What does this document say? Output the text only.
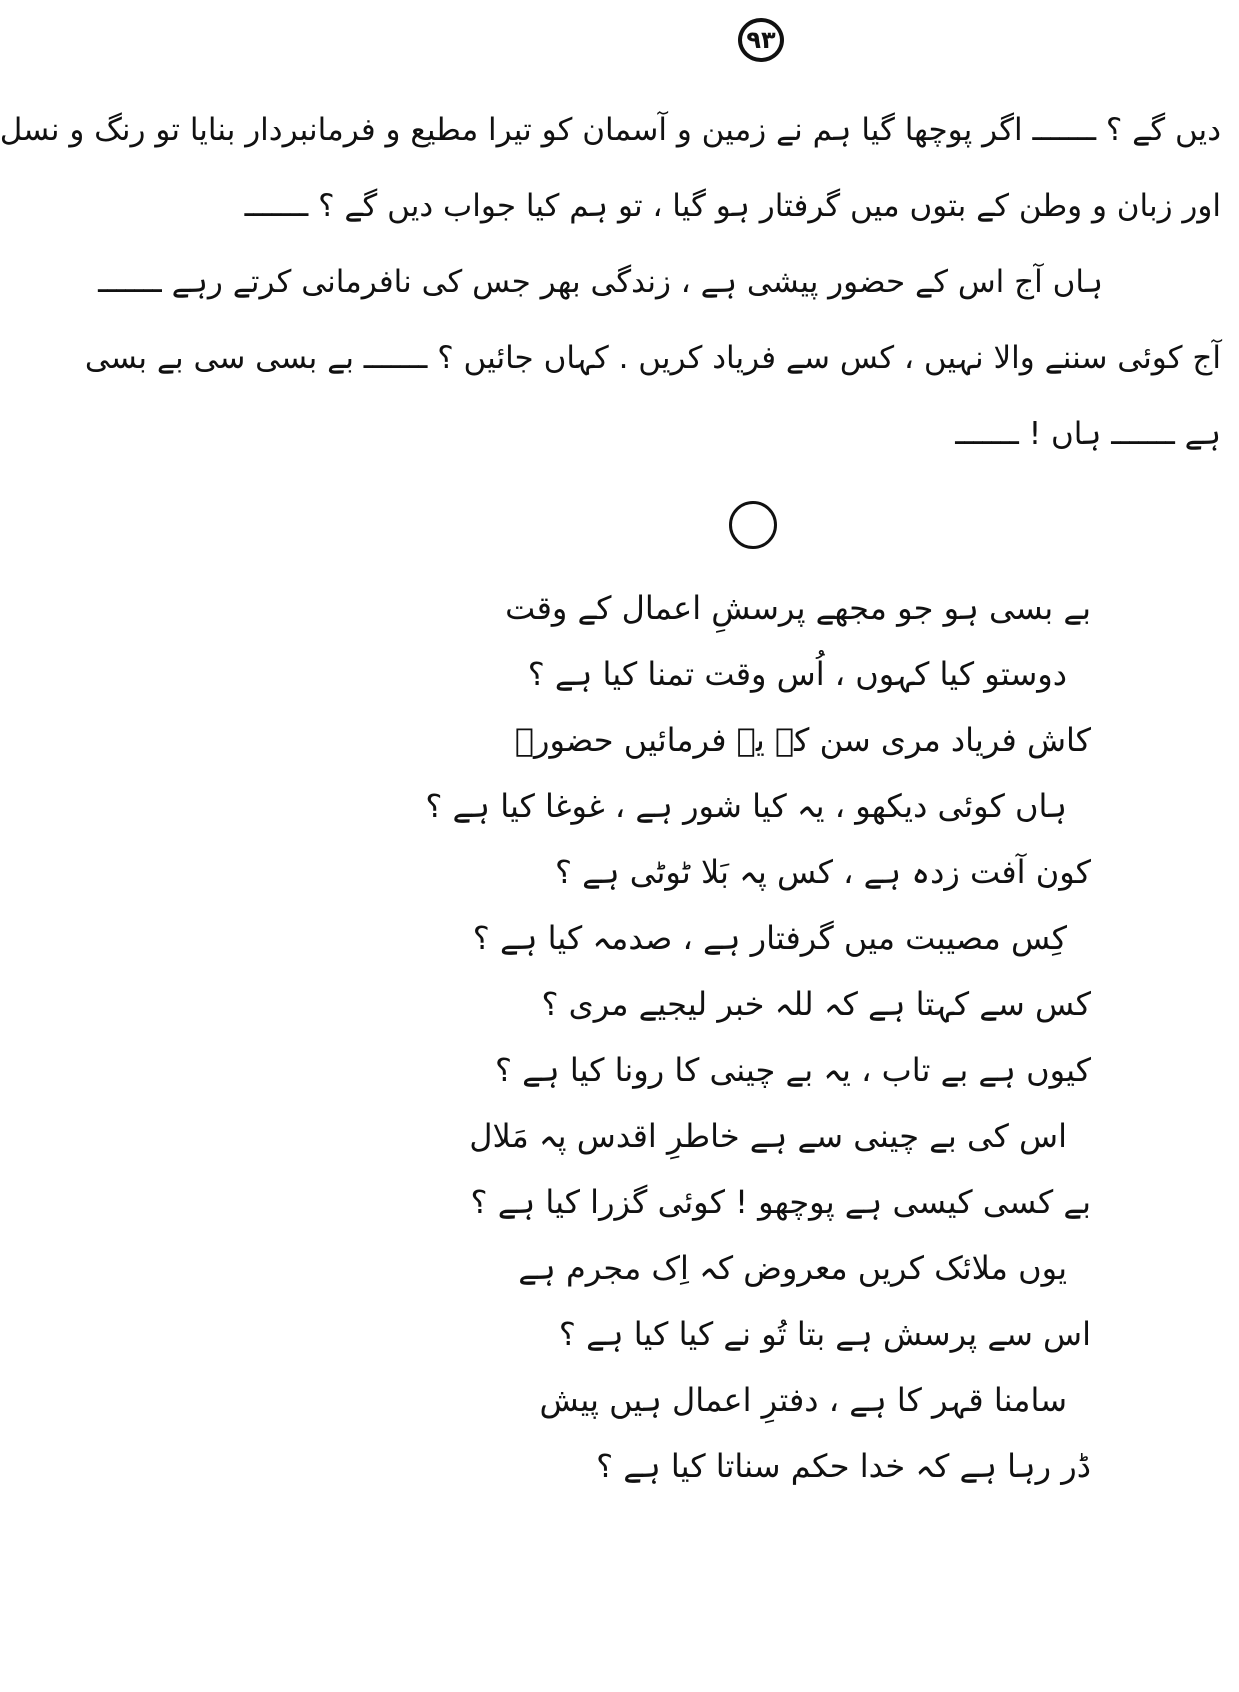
۹۳
دیں گے ؟ ـــــــ اگر پوچھا گیا ہم نے زمین و آسمان کو تیرا مطیع و فرمانبردار بنایا تو رنگ و نسل
اور زبان و وطن کے بتوں میں گرفتار ہو گیا ، تو ہم کیا جواب دیں گے ؟ ـــــــ
ہاں آج اس کے حضور پیشی ہے ، زندگی بھر جس کی نافرمانی کرتے رہے ـــــــ
آج کوئی سننے والا نہیں ، کس سے فریاد کریں . کہاں جائیں ؟ ـــــــ بے بسی سی بے بسی
ہے ـــــــ ہاں ! ـــــــ
بے بسی ہو جو مجھے پرسشِ اعمال کے وقت
دوستو کیا کہوں ، اُس وقت تمنا کیا ہے ؟
کاش فریاد مری سن کے یہ فرمائیں حضورؐ
ہاں کوئی دیکھو ، یہ کیا شور ہے ، غوغا کیا ہے ؟
کون آفت زدہ ہے ، کس پہ بَلا ٹوٹی ہے ؟
کِس مصیبت میں گرفتار ہے ، صدمہ کیا ہے ؟
کس سے کہتا ہے کہ للہ خبر لیجیے مری ؟
کیوں ہے بے تاب ، یہ بے چینی کا رونا کیا ہے ؟
اس کی بے چینی سے ہے خاطرِ اقدس پہ مَلال
بے کسی کیسی ہے پوچھو ! کوئی گزرا کیا ہے ؟
یوں ملائک کریں معروض کہ اِک مجرم ہے
اس سے پرسش ہے بتا تُو نے کیا کیا ہے ؟
سامنا قہر کا ہے ، دفترِ اعمال ہیں پیش
ڈر رہا ہے کہ خدا حکم سناتا کیا ہے ؟
